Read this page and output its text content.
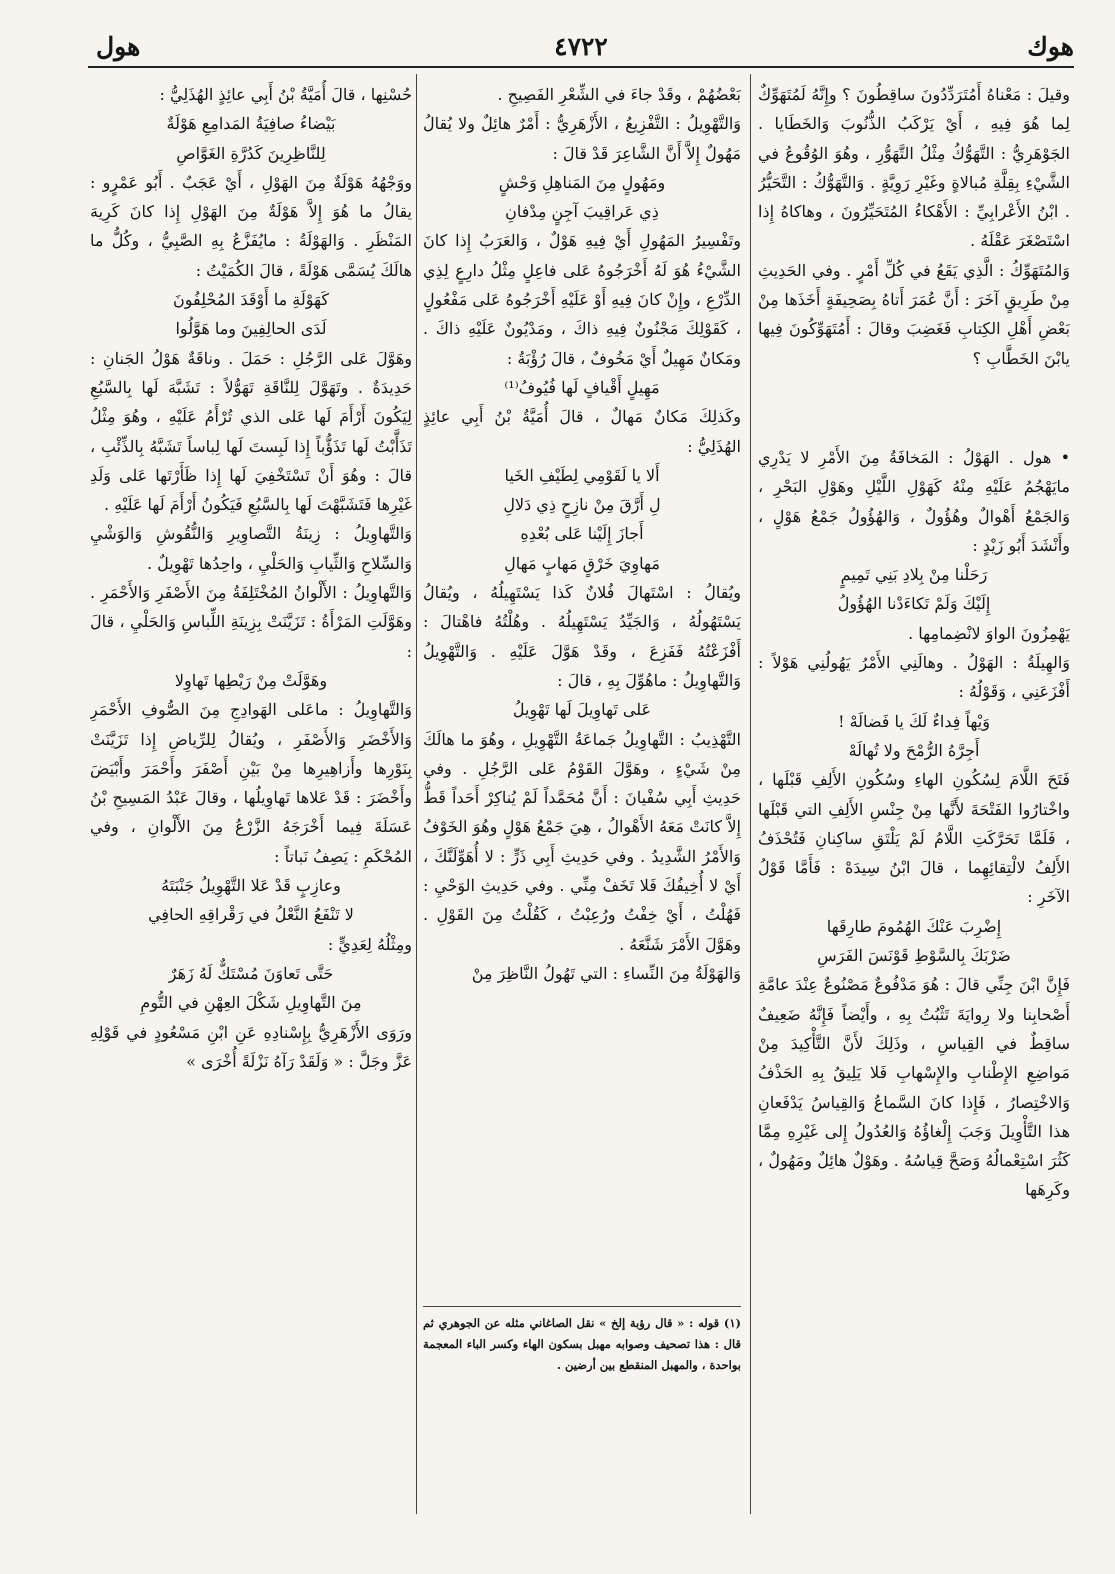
هوك
٤٧٢٢
هول

وقيلَ : مَعْناهُ أَمُتَرَدِّدُونَ ساقِطُونَ ؟ وإِنَّهُ لَمُتَهَوِّكٌ لِما هُوَ فِيهِ ، أَيْ يَرْكَبُ الذُّنُوبَ وَالخَطَايا . الجَوْهَرِيُّ : التَّهَوُّكُ مِثْلُ التَّهَوُّرِ ، وهُوَ الوُقُوعُ في الشَّيْءِ بِقِلَّةِ مُبالاةٍ وغَيْرِ رَوِيَّةٍ . وَالتَّهَوُّكُ : التَّحَيُّرُ . ابْنُ الأَعْرابِيِّ : الأَهْكاءُ المُتَحَيِّرُونَ ، وهاكاهُ إِذا اسْتَصْغَرَ عَقْلَهُ .

وَالمُتَهَوِّكُ : الَّذِي يَقَعُ في كُلِّ أَمْرٍ . وفي الحَدِيثِ مِنْ طَرِيقٍ آخَرَ : أَنَّ عُمَرَ أَتاهُ بِصَحِيفَةٍ أَخَذَها مِنْ بَعْضِ أَهْلِ الكِتابِ فَغَضِبَ وقالَ : أَمُتَهَوِّكُونَ فِيها يابْنَ الخَطَّابِ ؟

• هول . الهَوْلُ : المَخافَةُ مِنَ الأَمْرِ لا يَدْرِي مايَهْجُمُ عَلَيْهِ مِنْهُ كَهَوْلِ اللَّيْلِ وهَوْلِ البَحْرِ ، وَالجَمْعُ أَهْوالٌ وهُؤُولٌ ، وَالهُؤُولُ جَمْعُ هَوْلٍ ، وأَنْشَدَ أَبُو زَيْدٍ :

رَحَلْنا مِنْ بِلادِ بَنِي تَمِيمٍ

إِلَيْكَ وَلَمْ تَكاءَدْنا الهُؤُولُ

يَهْمِزُونَ الواوَ لانْضِمامِها .

وَالهِيلَةُ : الهَوْلُ . وهالَنِي الأَمْرُ يَهُولُنِي هَوْلاً : أَفْزَعَنِي ، وَقَوْلُهُ :

وَيْهاً فِداءٌ لَكَ يا فَضالَهْ !

أَجِرَّهُ الرُّمْحَ ولا تُهالَهْ

فَتَحَ اللَّامَ لِسُكُونِ الهاءِ وسُكُونِ الأَلِفِ قَبْلَها ، واخْتارُوا الفَتْحَةَ لأَنَّها مِنْ جِنْسِ الأَلِفِ التي قَبْلَها ، فَلَمَّا تَحَرَّكَتِ اللَّامُ لَمْ يَلْتَقِ ساكِنانِ فَتُحْذَفُ الأَلِفُ لالْتِقائِهِما ، قالَ ابْنُ سِيدَهْ : فَأَمَّا قَوْلُ الآخَرِ :

إِضْرِبَ عَنْكَ الهُمُومَ طارِقَها

ضَرْبَكَ بِالسَّوْطِ قَوْنَسَ الفَرَسِ

فَإِنَّ ابْنَ جِنِّي قالَ : هُوَ مَدْفُوعٌ مَصْنُوعٌ عِنْدَ عامَّةِ أَصْحابِنا ولا رِوايَةَ تَثْبُتُ بِهِ ، وأَيْضاً فَإِنَّهُ ضَعِيفٌ ساقِطٌ في القِياسِ ، وذَلِكَ لأَنَّ التَّأْكِيدَ مِنْ مَواضِعِ الإِطْنابِ والإِسْهابِ فَلا يَلِيقُ بِهِ الحَذْفُ وَالاخْتِصارُ ، فَإِذا كانَ السَّماعُ وَالقِياسُ يَدْفَعانِ هذا التَّأْوِيلَ وَجَبَ إِلْغاؤُهُ وَالعُدُولُ إِلى غَيْرِهِ مِمَّا كَثُرَ اسْتِعْمالُهُ وَصَحَّ قِياسُهُ . وهَوْلٌ هائِلٌ ومَهُولٌ ، وكَرِهَها

بَعْضُهُمْ ، وقَدْ جاءَ في الشِّعْرِ الفَصِيحِ .

وَالتَّهْوِيلُ : التَّفْزِيعُ ، الأَزْهَرِيُّ : أَمْرٌ هائِلٌ ولا يُقالُ مَهُولٌ إِلاَّ أَنَّ الشَّاعِرَ قَدْ قالَ :

ومَهُولٍ مِنَ المَناهِلِ وَحْشٍ

ذِي عَراقِيبَ آجِنٍ مِدْفانِ

وتَفْسِيرُ المَهُولِ أَيْ فِيهِ هَوْلٌ ، وَالعَرَبُ إِذا كانَ الشَّيْءُ هُوَ لَهُ أَخْرَجُوهُ عَلى فاعِلٍ مِثْلُ دارِعٍ لِذِي الدِّرْعِ ، وإِنْ كانَ فِيهِ أَوْ عَلَيْهِ أَخْرَجُوهُ عَلى مَفْعُولٍ ، كَقَوْلِكَ مَجْنُونٌ فِيهِ ذاكَ ، ومَدْيُونٌ عَلَيْهِ ذاكَ . ومَكانٌ مَهِيلٌ أَيْ مَخُوفٌ ، قالَ رُؤْبَةُ :

مَهِيلٍ أَقْيافٍ لَها فُيُوفُ⁽¹⁾

وكَذلِكَ مَكانٌ مَهالٌ ، قالَ أُمَيَّةُ بْنُ أَبِي عائِذٍ الهُذَلِيُّ :

أَلا يا لَقَوْمِي لِطَيْفِ الخَيا

لِ أَرَّقَ مِنْ نازِحٍ ذِي دَلالِ

أَجازَ إِلَيْنا عَلى بُعْدِهِ

مَهاوِيَ خَرْقٍ مَهابٍ مَهالِ

ويُقالُ : اسْتَهالَ فُلانٌ كَذا يَسْتَهِيلُهُ ، ويُقالُ يَسْتَهُولُهُ ، وَالجَيِّدُ يَسْتَهِيلُهُ . وهُلْتُهُ فاهْتالَ : أَفْزَعْتُهُ فَفَزِعَ ، وقَدْ هَوَّلَ عَلَيْهِ . وَالتَّهْوِيلُ وَالتَّهاوِيلُ : ماهُوِّلَ بِهِ ، قالَ :

عَلى تَهاوِيلَ لَها تَهْوِيلُ

التَّهْذِيبُ : التَّهاوِيلُ جَماعَةُ التَّهْوِيلِ ، وهُوَ ما هالَكَ مِنْ شَيْءٍ ، وهَوَّلَ القَوْمُ عَلى الرَّجُلِ . وفي حَدِيثِ أَبِي سُفْيانَ : أَنَّ مُحَمَّداً لَمْ يُناكِرْ أَحَداً قَطُّ إِلاَّ كانَتْ مَعَهُ الأَهْوالُ ، هِيَ جَمْعُ هَوْلٍ وهُوَ الخَوْفُ وَالأَمْرُ الشَّدِيدُ . وفي حَدِيثِ أَبِي ذَرٍّ : لا أُهَوِّلَنَّكَ ، أَيْ لا أُخِيفُكَ فَلا تَخَفْ مِنِّي . وفي حَدِيثِ الوَحْيِ : فَهُلْتُ ، أَيْ خِفْتُ ورُعِبْتُ ، كَقُلْتُ مِنَ القَوْلِ . وهَوَّلَ الأَمْرَ شَنَّعَهُ .

وَالهَوْلَةُ مِنَ النِّساءِ : التي تَهُولُ النَّاظِرَ مِنْ

(١) قوله : « قال رؤبة إلخ » نقل الصاغاني مثله عن الجوهري ثم قال : هذا تصحيف وصوابه مهبل بسكون الهاء وكسر الباء المعجمة بواحدة ، والمهبل المنقطع بين أرضين .

حُسْنِها ، قالَ أُمَيَّةُ بْنُ أَبِي عائِذٍ الهُذَلِيُّ :

بَيْضاءُ صافِيَةُ المَدامِعِ هَوْلَةٌ

لِلنَّاظِرِينَ كَدُرَّةِ الغَوَّاصِ

ووَجْهُهُ هَوْلَةٌ مِنَ الهَوْلِ ، أَيْ عَجَبٌ . أَبُو عَمْرٍو : يقالُ ما هُوَ إِلاَّ هَوْلَةٌ مِنَ الهَوْلِ إِذا كانَ كَرِيهَ المَنْظَرِ . وَالهَوْلَةُ : مايُفَزَّعُ بِهِ الصَّبِيُّ ، وكُلُّ ما هالَكَ يُسَمَّى هَوْلَةً ، قالَ الكُمَيْتُ :

كَهَوْلَةِ ما أَوْقَدَ المُحْلِفُونَ

لَدَى الحالِفِينَ وما هَوَّلُوا

وهَوَّلَ عَلى الرَّجُلِ : حَمَلَ . وناقَةٌ هَوْلُ الجَنانِ : حَدِيدَةٌ . وتَهَوَّلَ لِلنَّاقَةِ تَهَوُّلاً : تَشَبَّهَ لَها بِالسَّبُعِ لِيَكُونَ أَرْأَمَ لَها عَلى الذي تُرْأَمُ عَلَيْهِ ، وهُوَ مِثْلُ تَذَأَّبْتُ لَها تَذَؤُّباً إِذا لَبِستَ لَها لِباساً تَشَبَّهُ بِالذِّئْبِ ، قالَ : وهُوَ أَنْ تَسْتَخْفِيَ لَها إِذا ظَأَرْتَها عَلى وَلَدِ غَيْرِها فَتَشَبَّهْتَ لَها بِالسَّبُعِ فَيَكُونُ أَرْأَمَ لَها عَلَيْهِ .

وَالتَّهاوِيلُ : زِينَةُ التَّصاوِيرِ وَالنُّقُوشِ وَالوَشْيِ وَالسِّلاحِ وَالثِّيابِ وَالحَلْيِ ، واحِدُها تَهْوِيلٌ .

وَالتَّهاوِيلُ : الأَلْوانُ المُخْتَلِفَةُ مِنَ الأَصْفَرِ وَالأَحْمَرِ . وهَوَّلَتِ المَرْأَةُ : تَزَيَّنَتْ بِزِينَةِ اللِّباسِ وَالحَلْيِ ، قالَ :

وهَوَّلَتْ مِنْ رَيْطِها تَهاوِلا

وَالتَّهاوِيلُ : ماعَلى الهَوادِجِ مِنَ الصُّوفِ الأَحْمَرِ وَالأَخْضَرِ وَالأَصْفَرِ ، ويُقالُ لِلرِّياضِ إِذا تَزَيَّنَتْ بِنَوْرِها وأَزاهِيرِها مِنْ بَيْنِ أَصْفَرَ وأَحْمَرَ وأَبْيَضَ وأَخْضَرَ : قَدْ عَلاها تَهاوِيلُها ، وقالَ عَبْدُ المَسِيحِ بْنُ عَسَلَةَ فِيما أَخْرَجَهُ الزَّرْعُ مِنَ الأَلْوانِ ، وفي المُحْكَمِ : يَصِفُ نَباتاً :

وعازِبٍ قَدْ عَلا التَّهْوِيلُ جَنْبَتَهُ

لا تَنْفَعُ النَّعْلُ في رَقْراقِهِ الحافِي

ومِثْلُهُ لِعَدِيٍّ :

حَتَّى تَعاوَنَ مُسْتَكٌّ لَهُ زَهَرٌ

مِنَ التَّهاوِيلِ شَكْلَ العِهْنِ في التُّومِ

ورَوَى الأَزْهَرِيُّ بِإِسْنادِهِ عَنِ ابْنِ مَسْعُودٍ في قَوْلِهِ عَزَّ وجَلَّ : « وَلَقَدْ رَآهُ نَزْلَةً أُخْرَى »
